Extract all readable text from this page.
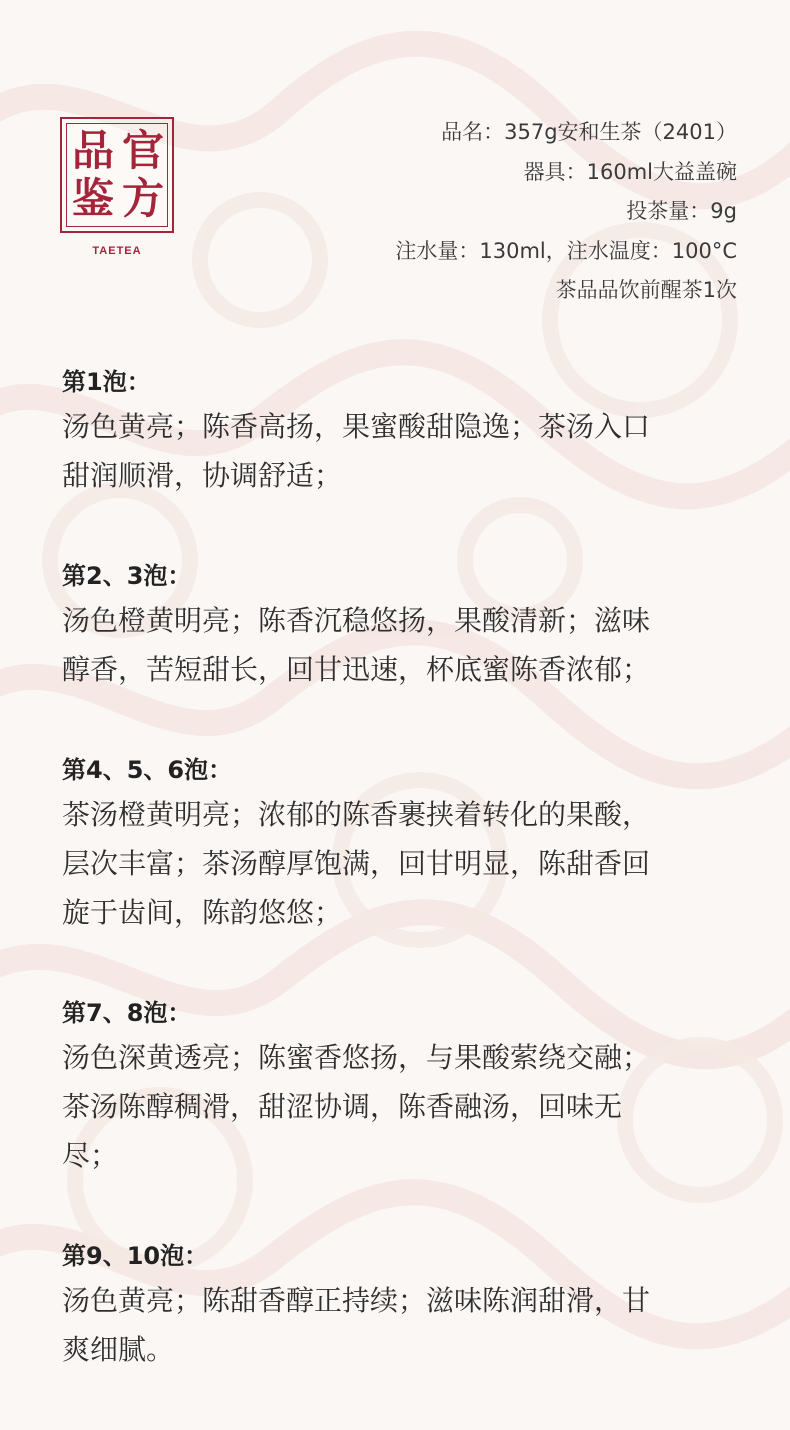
品 官
鉴 方
TAETEA
品名：357g安和生茶（2401）
器具：160ml大益盖碗
投茶量：9g
注水量：130ml，注水温度：100°C
茶品品饮前醒茶1次
第1泡：
汤色黄亮；陈香高扬，果蜜酸甜隐逸；茶汤入口
甜润顺滑，协调舒适；
第2、3泡：
汤色橙黄明亮；陈香沉稳悠扬，果酸清新；滋味
醇香，苦短甜长，回甘迅速，杯底蜜陈香浓郁；
第4、5、6泡：
茶汤橙黄明亮；浓郁的陈香裹挟着转化的果酸，
层次丰富；茶汤醇厚饱满，回甘明显，陈甜香回
旋于齿间，陈韵悠悠；
第7、8泡：
汤色深黄透亮；陈蜜香悠扬，与果酸萦绕交融；
茶汤陈醇稠滑，甜涩协调，陈香融汤，回味无
尽；
第9、10泡：
汤色黄亮；陈甜香醇正持续；滋味陈润甜滑，甘
爽细腻。
